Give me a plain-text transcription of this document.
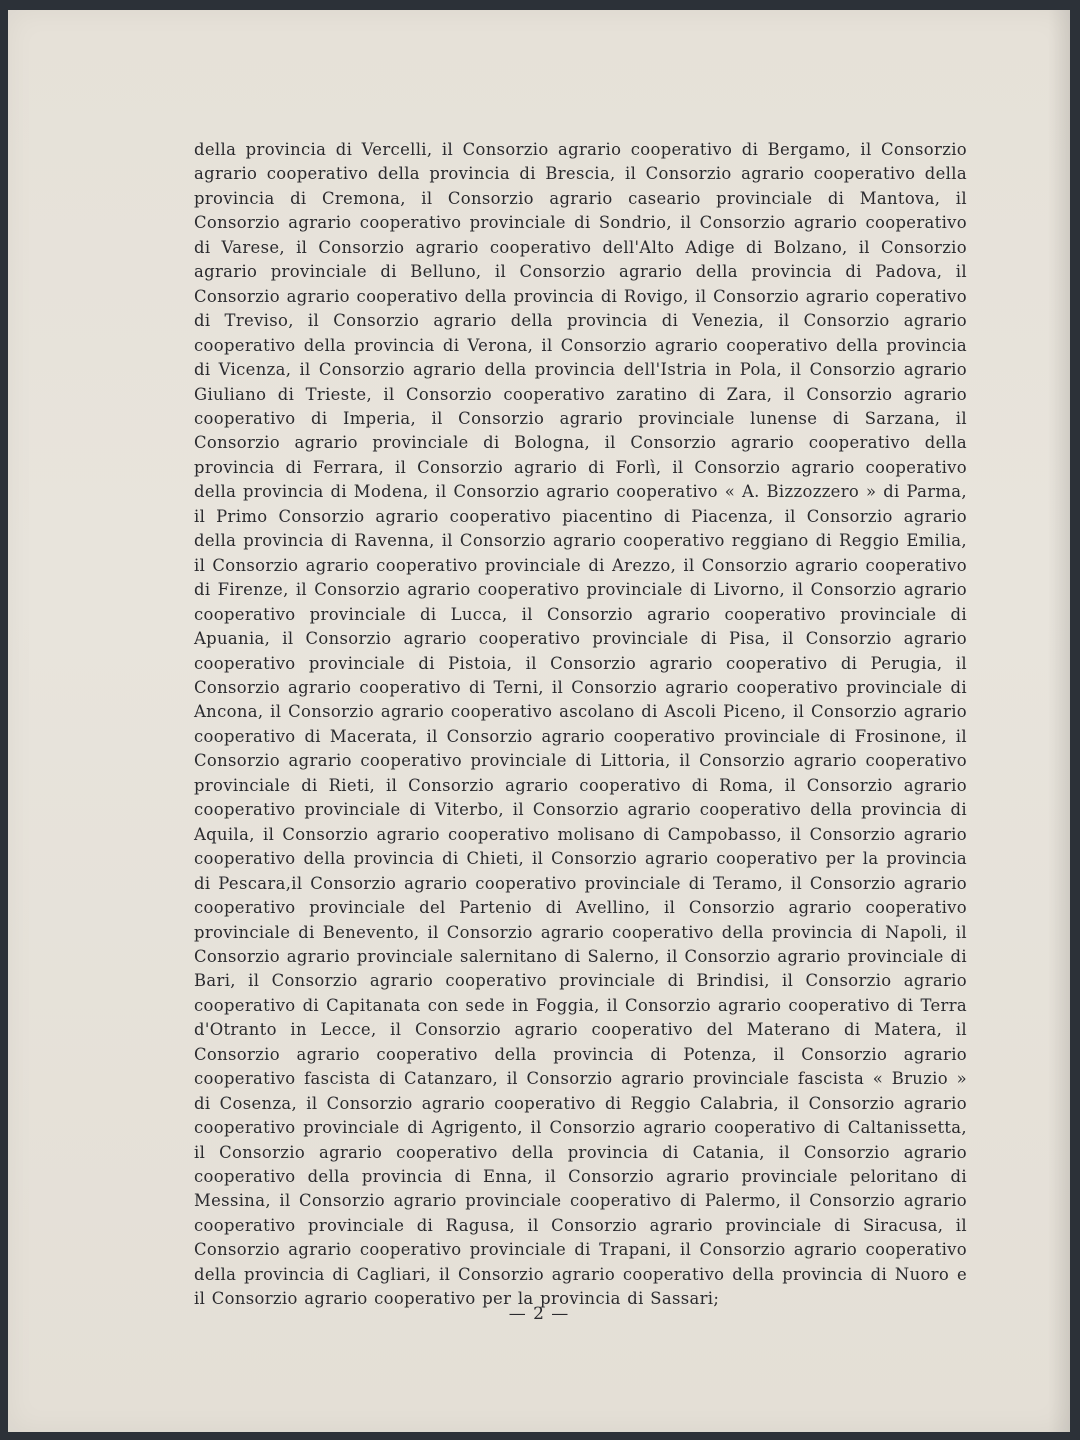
della provincia di Vercelli, il Consorzio agrario cooperativo di Bergamo, il Consorzio agrario cooperativo della provincia di Brescia, il Consorzio agrario cooperativo della provincia di Cremona, il Consorzio agrario caseario provinciale di Mantova, il Consorzio agrario cooperativo provinciale di Sondrio, il Consorzio agrario cooperativo di Varese, il Consorzio agrario cooperativo dell'Alto Adige di Bolzano, il Consorzio agrario provinciale di Belluno, il Consorzio agrario della provincia di Padova, il Consorzio agrario cooperativo della provincia di Rovigo, il Consorzio agrario coperativo di Treviso, il Consorzio agrario della provincia di Venezia, il Consorzio agrario cooperativo della provincia di Verona, il Consorzio agrario cooperativo della provincia di Vicenza, il Consorzio agrario della provincia dell'Istria in Pola, il Consorzio agrario Giuliano di Trieste, il Consorzio cooperativo zaratino di Zara, il Consorzio agrario cooperativo di Imperia, il Consorzio agrario provinciale lunense di Sarzana, il Consorzio agrario provinciale di Bologna, il Consorzio agrario cooperativo della provincia di Ferrara, il Consorzio agrario di Forlì, il Consorzio agrario cooperativo della provincia di Modena, il Consorzio agrario cooperativo « A. Bizzozzero » di Parma, il Primo Consorzio agrario cooperativo piacentino di Piacenza, il Consorzio agrario della provincia di Ravenna, il Consorzio agrario cooperativo reggiano di Reggio Emilia, il Consorzio agrario cooperativo provinciale di Arezzo, il Consorzio agrario cooperativo di Firenze, il Consorzio agrario cooperativo provinciale di Livorno, il Consorzio agrario cooperativo provinciale di Lucca, il Consorzio agrario cooperativo provinciale di Apuania, il Consorzio agrario cooperativo provinciale di Pisa, il Consorzio agrario cooperativo provinciale di Pistoia, il Consorzio agrario cooperativo di Perugia, il Consorzio agrario cooperativo di Terni, il Consorzio agrario cooperativo provinciale di Ancona, il Consorzio agrario cooperativo ascolano di Ascoli Piceno, il Consorzio agrario cooperativo di Macerata, il Consorzio agrario cooperativo provinciale di Frosinone, il Consorzio agrario cooperativo provinciale di Littoria, il Consorzio agrario cooperativo provinciale di Rieti, il Consorzio agrario cooperativo di Roma, il Consorzio agrario cooperativo provinciale di Viterbo, il Consorzio agrario cooperativo della provincia di Aquila, il Consorzio agrario cooperativo molisano di Campobasso, il Consorzio agrario cooperativo della provincia di Chieti, il Consorzio agrario cooperativo per la provincia di Pescara,il Consorzio agrario cooperativo provinciale di Teramo, il Consorzio agrario cooperativo provinciale del Partenio di Avellino, il Consorzio agrario cooperativo provinciale di Benevento, il Consorzio agrario cooperativo della provincia di Napoli, il Consorzio agrario provinciale salernitano di Salerno, il Consorzio agrario provinciale di Bari, il Consorzio agrario cooperativo provinciale di Brindisi, il Consorzio agrario cooperativo di Capitanata con sede in Foggia, il Consorzio agrario cooperativo di Terra d'Otranto in Lecce, il Consorzio agrario cooperativo del Materano di Matera, il Consorzio agrario cooperativo della provincia di Potenza, il Consorzio agrario cooperativo fascista di Catanzaro, il Consorzio agrario provinciale fascista « Bruzio » di Cosenza, il Consorzio agrario cooperativo di Reggio Calabria, il Consorzio agrario cooperativo provinciale di Agrigento, il Consorzio agrario cooperativo di Caltanissetta, il Consorzio agrario cooperativo della provincia di Catania, il Consorzio agrario cooperativo della provincia di Enna, il Consorzio agrario provinciale peloritano di Messina, il Consorzio agrario provinciale cooperativo di Palermo, il Consorzio agrario cooperativo provinciale di Ragusa, il Consorzio agrario provinciale di Siracusa, il Consorzio agrario cooperativo provinciale di Trapani, il Consorzio agrario cooperativo della provincia di Cagliari, il Consorzio agrario cooperativo della provincia di Nuoro e il Consorzio agrario cooperativo per la provincia di Sassari;

— 2 —
